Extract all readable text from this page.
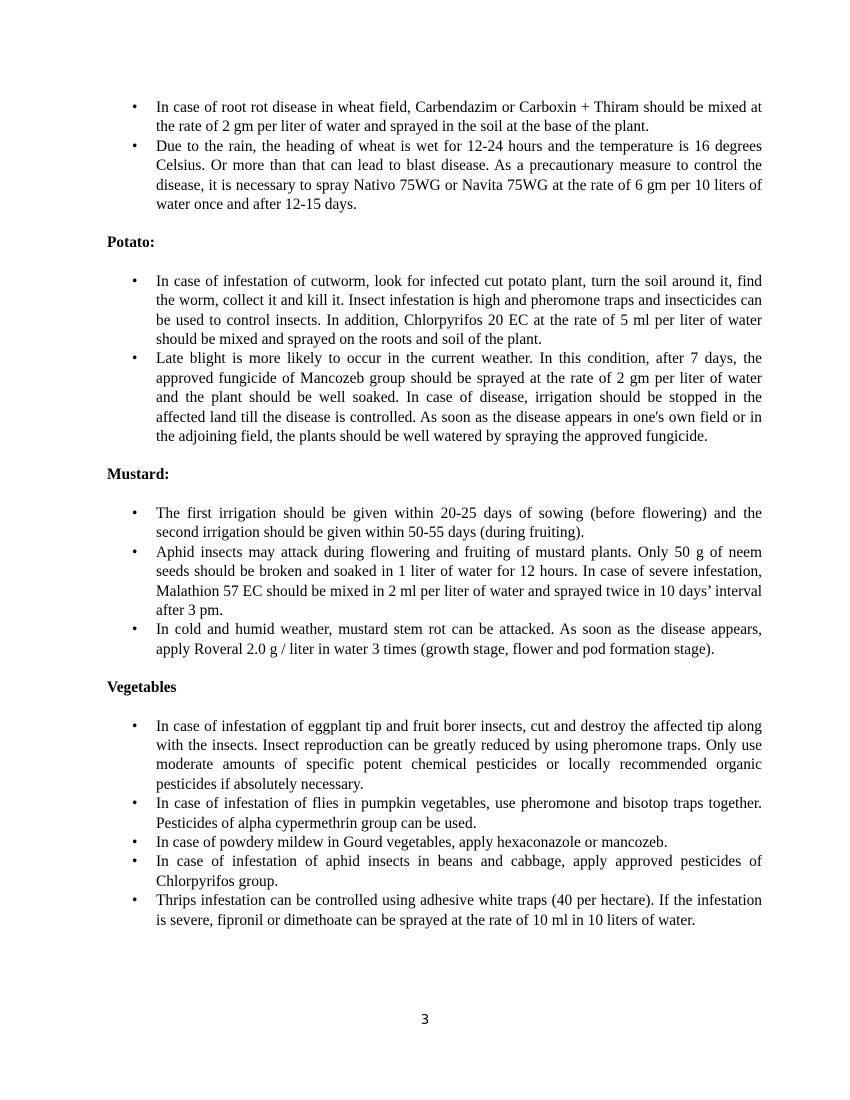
• In case of root rot disease in wheat field, Carbendazim or Carboxin + Thiram should be mixed at the rate of 2 gm per liter of water and sprayed in the soil at the base of the plant.
• Due to the rain, the heading of wheat is wet for 12-24 hours and the temperature is 16 degrees Celsius. Or more than that can lead to blast disease. As a precautionary measure to control the disease, it is necessary to spray Nativo 75WG or Navita 75WG at the rate of 6 gm per 10 liters of water once and after 12-15 days.

Potato:

• In case of infestation of cutworm, look for infected cut potato plant, turn the soil around it, find the worm, collect it and kill it. Insect infestation is high and pheromone traps and insecticides can be used to control insects. In addition, Chlorpyrifos 20 EC at the rate of 5 ml per liter of water should be mixed and sprayed on the roots and soil of the plant.
• Late blight is more likely to occur in the current weather. In this condition, after 7 days, the approved fungicide of Mancozeb group should be sprayed at the rate of 2 gm per liter of water and the plant should be well soaked. In case of disease, irrigation should be stopped in the affected land till the disease is controlled. As soon as the disease appears in one's own field or in the adjoining field, the plants should be well watered by spraying the approved fungicide.

Mustard:

• The first irrigation should be given within 20-25 days of sowing (before flowering) and the second irrigation should be given within 50-55 days (during fruiting).
• Aphid insects may attack during flowering and fruiting of mustard plants. Only 50 g of neem seeds should be broken and soaked in 1 liter of water for 12 hours. In case of severe infestation, Malathion 57 EC should be mixed in 2 ml per liter of water and sprayed twice in 10 days’ interval after 3 pm.
• In cold and humid weather, mustard stem rot can be attacked. As soon as the disease appears, apply Roveral 2.0 g / liter in water 3 times (growth stage, flower and pod formation stage).

Vegetables

• In case of infestation of eggplant tip and fruit borer insects, cut and destroy the affected tip along with the insects. Insect reproduction can be greatly reduced by using pheromone traps. Only use moderate amounts of specific potent chemical pesticides or locally recommended organic pesticides if absolutely necessary.
• In case of infestation of flies in pumpkin vegetables, use pheromone and bisotop traps together. Pesticides of alpha cypermethrin group can be used.
• In case of powdery mildew in Gourd vegetables, apply hexaconazole or mancozeb.
• In case of infestation of aphid insects in beans and cabbage, apply approved pesticides of Chlorpyrifos group.
• Thrips infestation can be controlled using adhesive white traps (40 per hectare). If the infestation is severe, fipronil or dimethoate can be sprayed at the rate of 10 ml in 10 liters of water.
3
